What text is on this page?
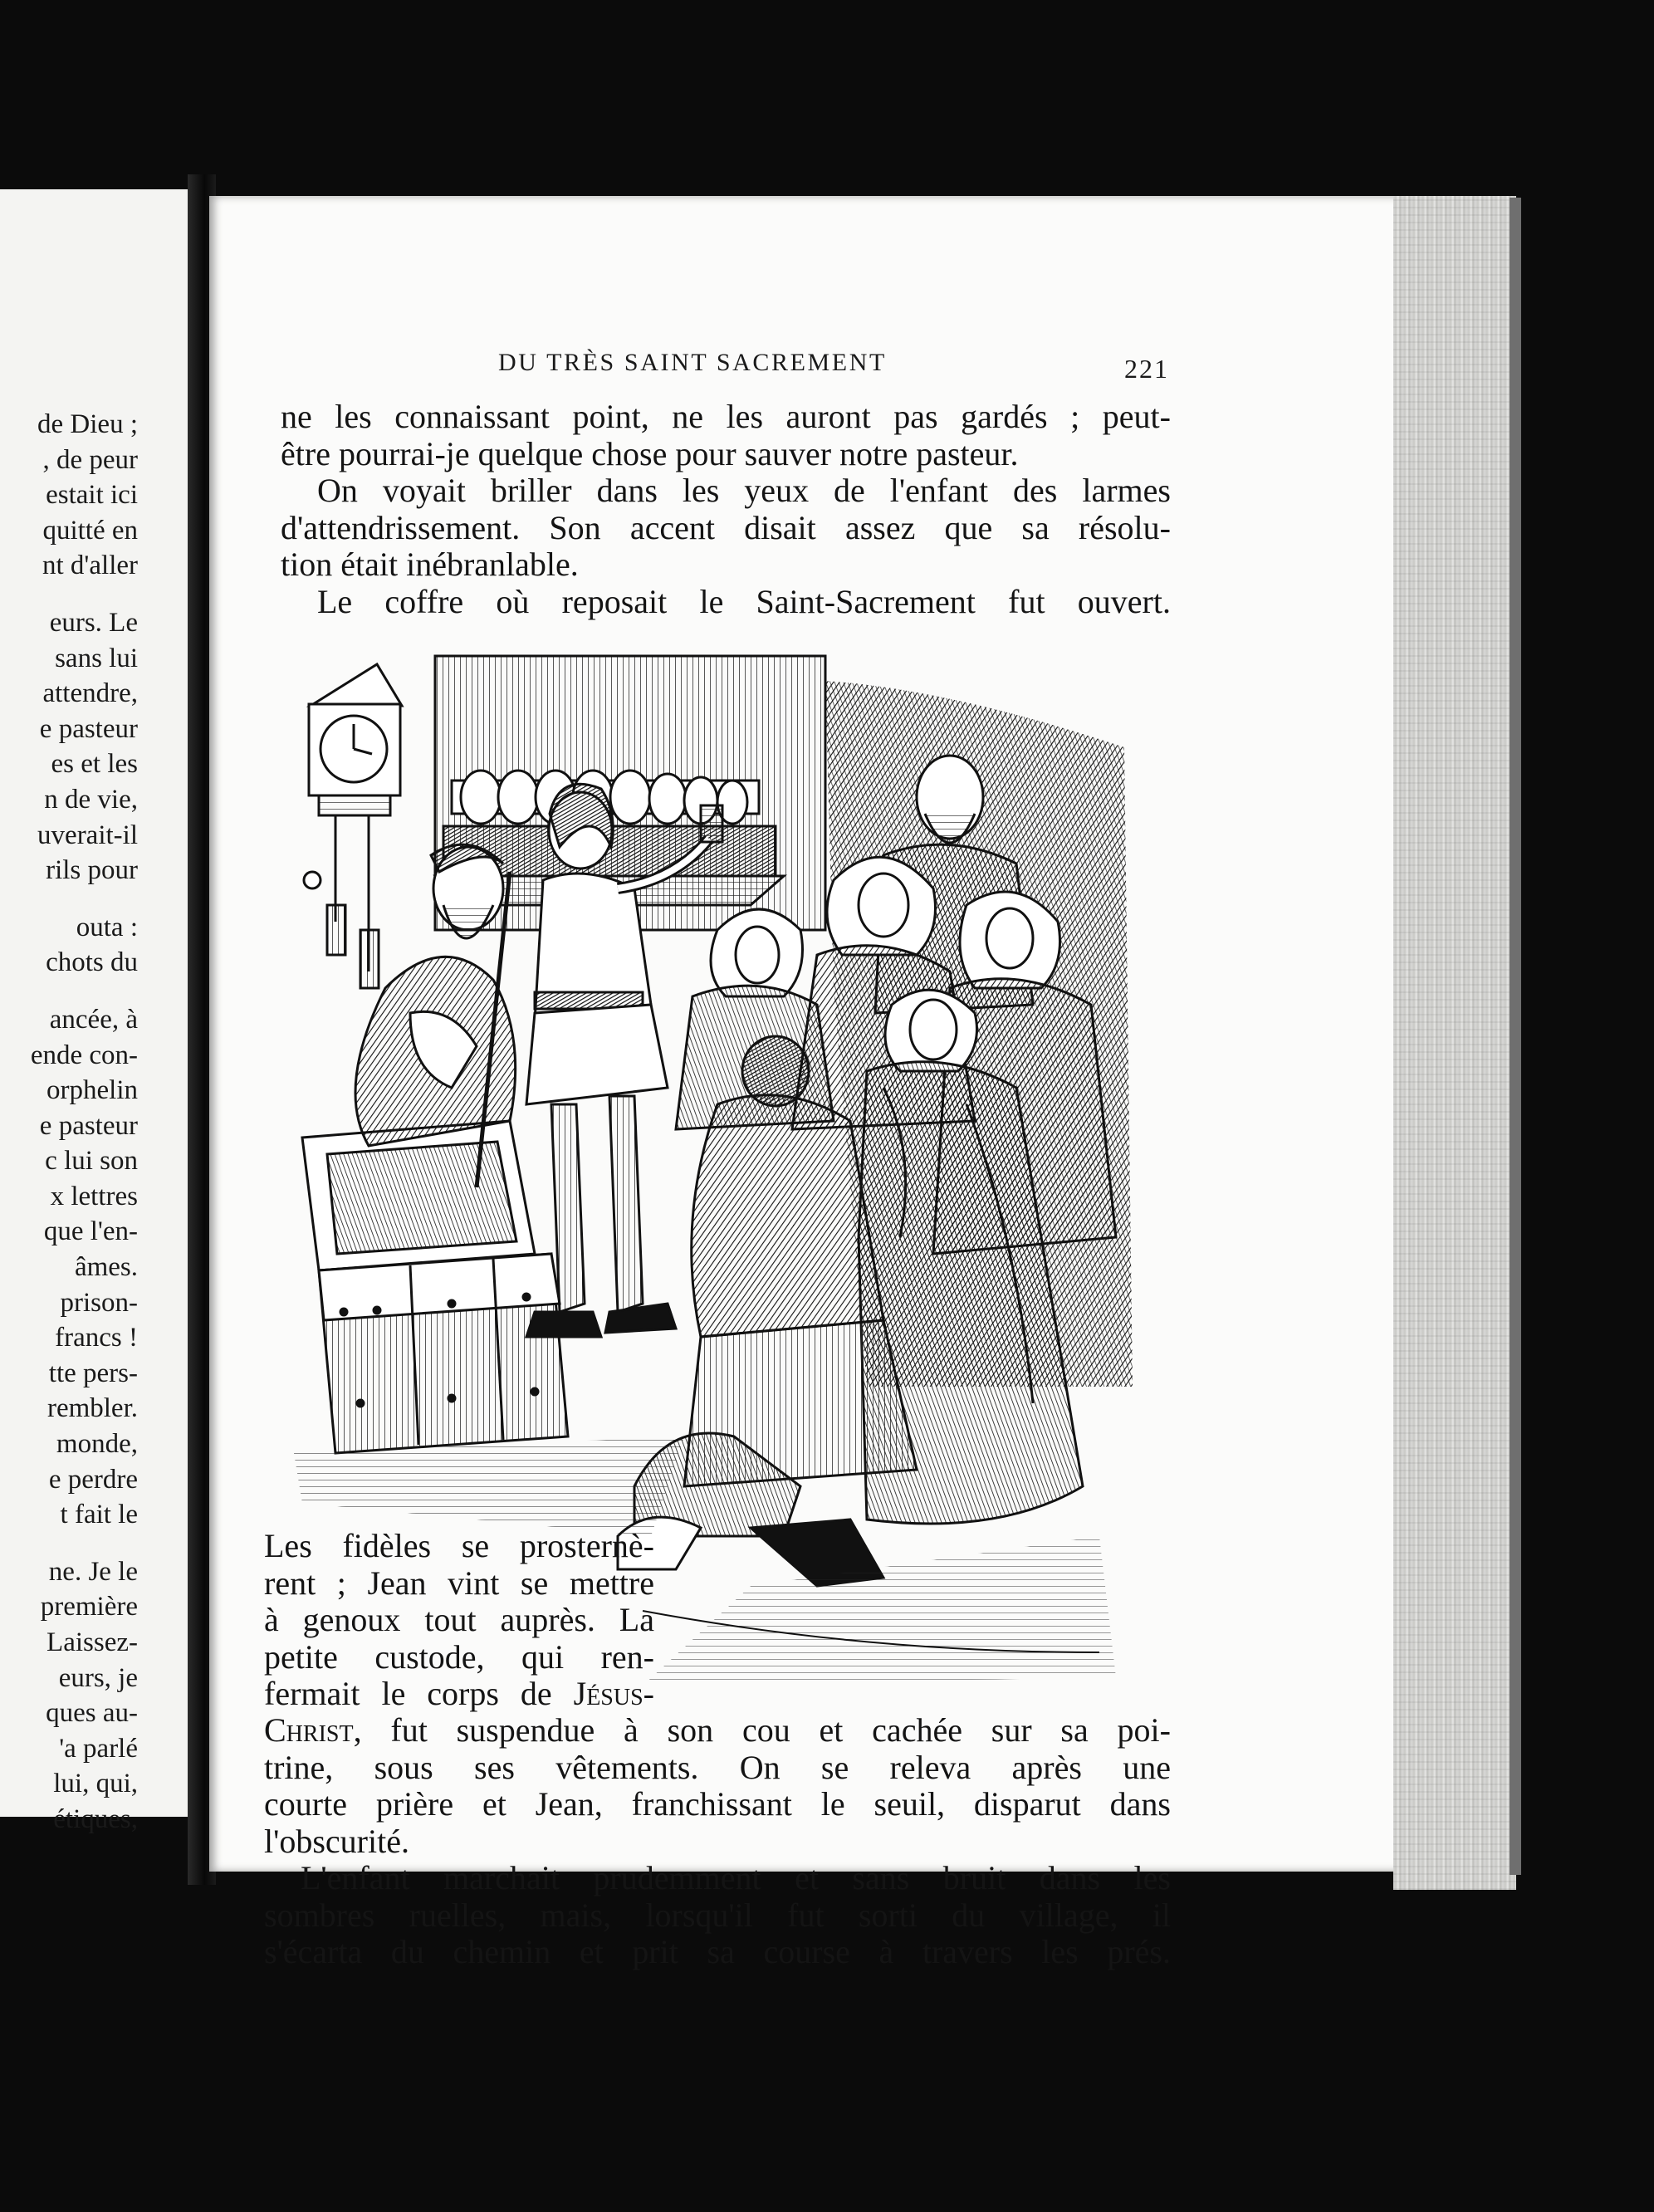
de Dieu ;
, de peur
estait ici
quitté en
nt d'aller
eurs. Le
sans lui
attendre,
e pasteur
es et les
n de vie,
uverait-il
rils pour
outa :
chots du
ancée, à
ende con-
orphelin
e pasteur
c lui son
x lettres
que l'en-
âmes.
prison-
francs !
tte pers-
rembler.
monde,
e perdre
t fait le
ne. Je le
première
Laissez-
eurs, je
ques au-
'a parlé
lui, qui,
étiques,
DU TRÈS SAINT SACREMENT	221
ne les connaissant point, ne les auront pas gardés ; peut-
être pourrai-je quelque chose pour sauver notre pasteur.
On voyait briller dans les yeux de l'enfant des larmes
d'attendrissement. Son accent disait assez que sa résolu-
tion était inébranlable.
Le coffre où reposait le Saint-Sacrement fut ouvert.
Les fidèles se prosternè-
rent ; Jean vint se mettre
à genoux tout auprès. La
petite custode, qui ren-
fermait le corps de Jésus-
Christ, fut suspendue à son cou et cachée sur sa poi-
trine, sous ses vêtements. On se releva après une
courte prière et Jean, franchissant le seuil, disparut dans
l'obscurité.
L'enfant marchait prudemment et sans bruit dans les
sombres ruelles, mais, lorsqu'il fut sorti du village, il
s'écarta du chemin et prit sa course à travers les prés.
